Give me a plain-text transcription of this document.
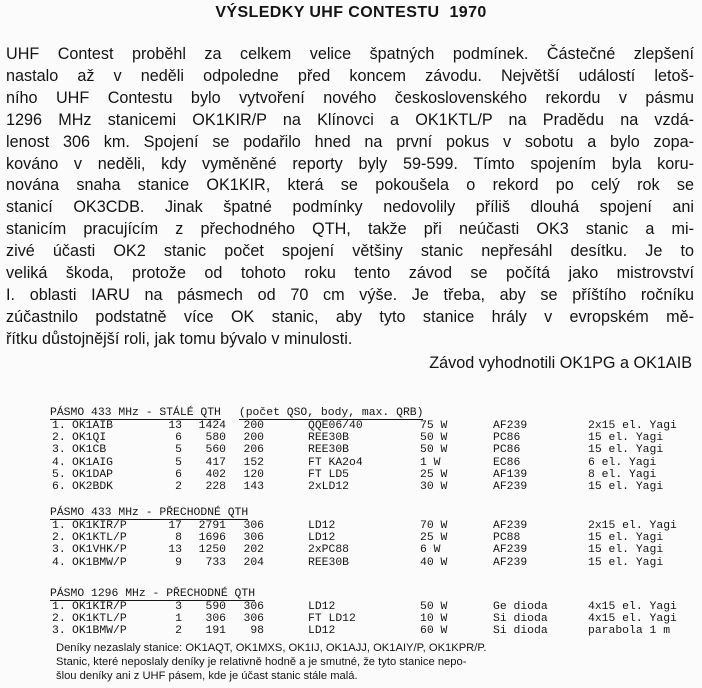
VÝSLEDKY UHF CONTESTU 1970
UHF Contest proběhl za celkem velice špatných podmínek. Částečné zlepšení
nastalo až v neděli odpoledne před koncem závodu. Největší událostí letoš-
ního UHF Contestu bylo vytvoření nového československého rekordu v pásmu
1296 MHz stanicemi OK1KIR/P na Klínovci a OK1KTL/P na Pradědu na vzdá-
lenost 306 km. Spojení se podařilo hned na první pokus v sobotu a bylo zopa-
kováno v neděli, kdy vyměněné reporty byly 59-599. Tímto spojením byla koru-
nována snaha stanice OK1KIR, která se pokoušela o rekord po celý rok se
stanicí OK3CDB. Jinak špatné podmínky nedovolily příliš dlouhá spojení ani
stanicím pracujícím z přechodného QTH, takže při neúčasti OK3 stanic a mi-
zivé účasti OK2 stanic počet spojení většiny stanic nepřesáhl desítku. Je to
veliká škoda, protože od tohoto roku tento závod se počítá jako mistrovství
I. oblasti IARU na pásmech od 70 cm výše. Je třeba, aby se příštího ročníku
zúčastnilo podstatně více OK stanic, aby tyto stanice hrály v evropském mě-
řítku důstojnější roli, jak tomu bývalo v minulosti.
Závod vyhodnotili OK1PG a OK1AIB
PÁSMO 433 MHz - STÁLÉ QTH (počet QSO, body, max. QRB)
1. OK1AIB	13	1424	200	QQE06/40	75 W	AF239	2x15 el. Yagi
2. OK1QI	6	580	200	REE30B	50 W	PC86	15 el. Yagi
3. OK1CB	5	560	206	REE30B	50 W	PC86	15 el. Yagi
4. OK1AIG	5	417	152	FT KA2o4	1 W	EC86	6 el. Yagi
5. OK1DAP	6	402	120	FT LD5	25 W	AF139	8 el. Yagi
6. OK2BDK	2	228	143	2xLD12	30 W	AF239	15 el. Yagi
PÁSMO 433 MHz - PŘECHODNÉ QTH
1. OK1KIR/P	17	2791	306	LD12	70 W	AF239	2x15 el. Yagi
2. OK1KTL/P	8	1696	306	LD12	25 W	PC88	15 el. Yagi
3. OK1VHK/P	13	1250	202	2xPC88	6 W	AF239	15 el. Yagi
4. OK1BMW/P	9	733	204	REE30B	40 W	AF239	15 el. Yagi
PÁSMO 1296 MHz - PŘECHODNÉ QTH
1. OK1KIR/P	3	590	306	LD12	50 W	Ge dioda	4x15 el. Yagi
2. OK1KTL/P	1	306	306	FT LD12	10 W	Si dioda	4x15 el. Yagi
3. OK1BMW/P	2	191	98	LD12	60 W	Si dioda	parabola 1 m
Deníky nezaslaly stanice: OK1AQT, OK1MXS, OK1IJ, OK1AJJ, OK1AIY/P, OK1KPR/P.
Stanic, které neposlaly deníky je relativně hodně a je smutné, že tyto stanice nepo-
šlou deníky ani z UHF pásem, kde je účast stanic stále malá.
